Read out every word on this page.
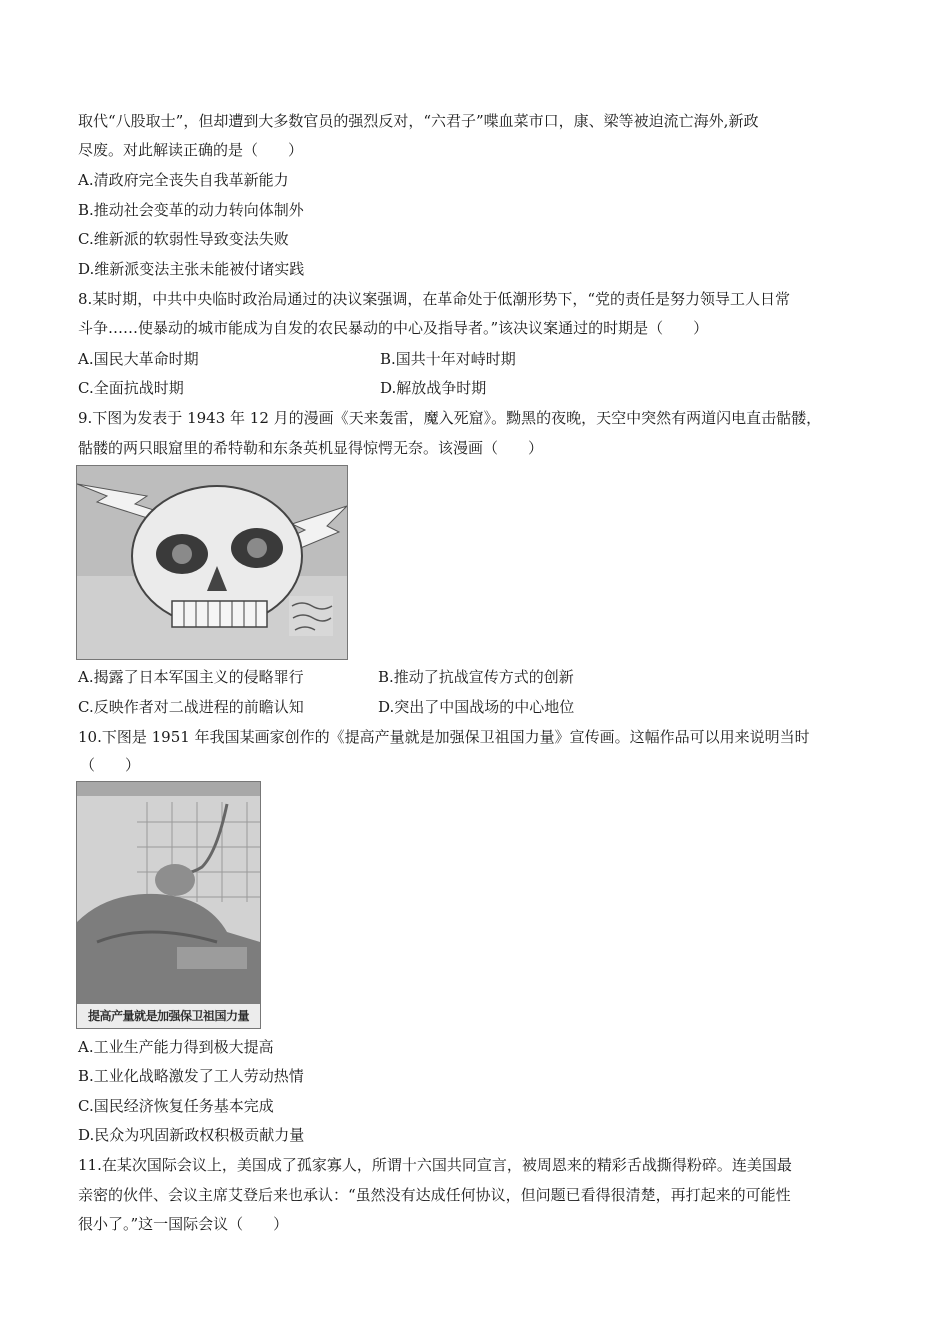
取代“八股取士”，但却遭到大多数官员的强烈反对，“六君子”喋血菜市口，康、梁等被迫流亡海外,新政
尽废。对此解读正确的是（　　）
A.清政府完全丧失自我革新能力
B.推动社会变革的动力转向体制外
C.维新派的软弱性导致变法失败
D.维新派变法主张未能被付诸实践
8.某时期，中共中央临时政治局通过的决议案强调，在革命处于低潮形势下，“党的责任是努力领导工人日常
斗争……使暴动的城市能成为自发的农民暴动的中心及指导者。”该决议案通过的时期是（　　）
A.国民大革命时期	B.国共十年对峙时期
C.全面抗战时期	D.解放战争时期
9.下图为发表于 1943 年 12 月的漫画《天来轰雷，魔入死窟》。黝黑的夜晚，天空中突然有两道闪电直击骷髅，
骷髅的两只眼窟里的希特勒和东条英机显得惊愕无奈。该漫画（　　）
A.揭露了日本军国主义的侵略罪行	B.推动了抗战宣传方式的创新
C.反映作者对二战进程的前瞻认知	D.突出了中国战场的中心地位
10.下图是 1951 年我国某画家创作的《提高产量就是加强保卫祖国力量》宣传画。这幅作品可以用来说明当时
（　　）
提高产量就是加强保卫祖国力量
A.工业生产能力得到极大提高
B.工业化战略激发了工人劳动热情
C.国民经济恢复任务基本完成
D.民众为巩固新政权积极贡献力量
11.在某次国际会议上，美国成了孤家寡人，所谓十六国共同宣言，被周恩来的精彩舌战撕得粉碎。连美国最
亲密的伙伴、会议主席艾登后来也承认：“虽然没有达成任何协议，但问题已看得很清楚，再打起来的可能性
很小了。”这一国际会议（　　）
